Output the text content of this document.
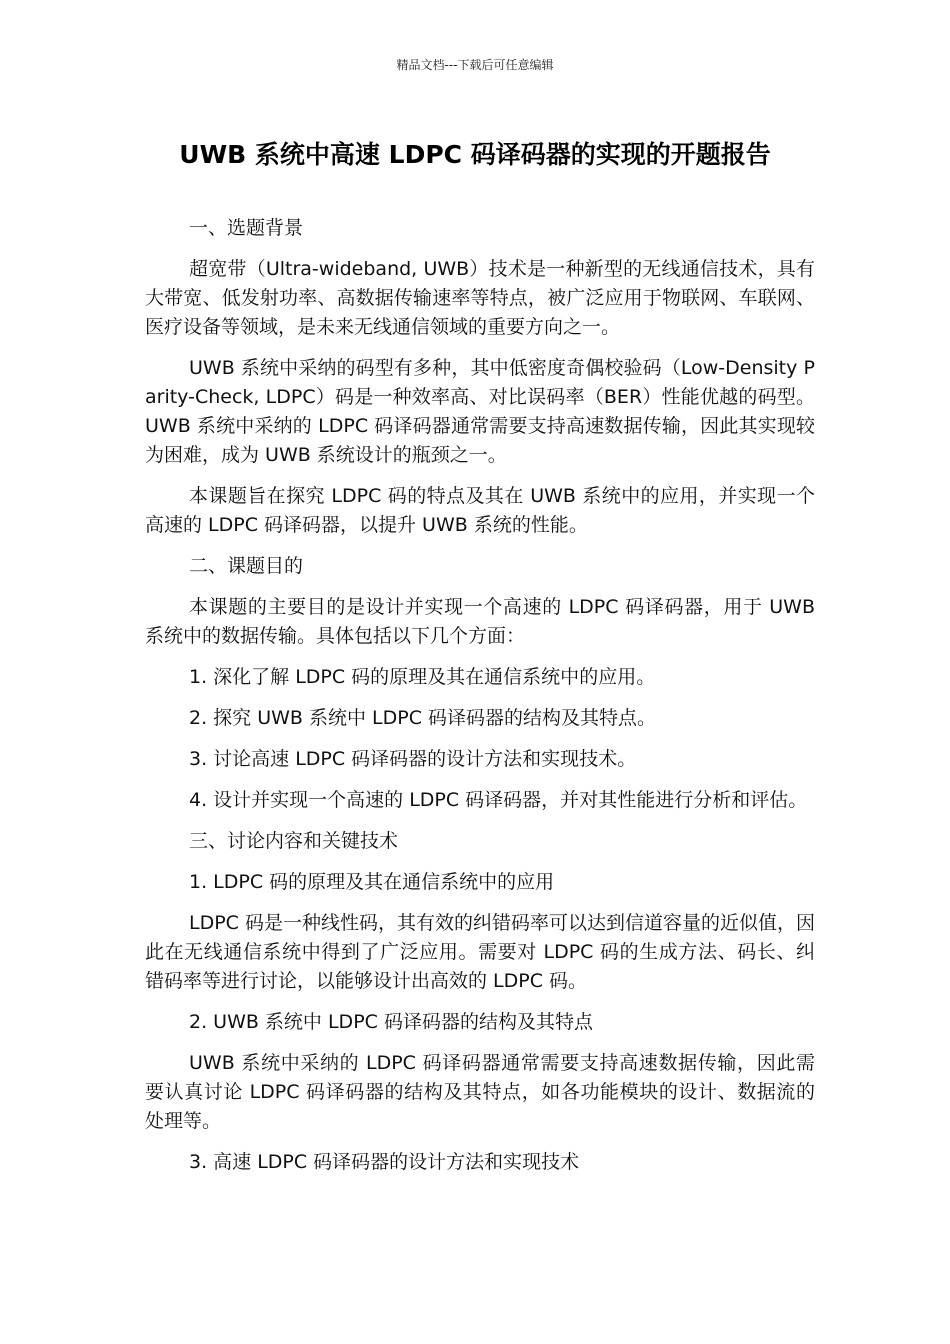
精品文档---下载后可任意编辑
UWB 系统中高速 LDPC 码译码器的实现的开题报告

一、选题背景

超宽带（Ultra-wideband, UWB）技术是一种新型的无线通信技术，具有大带宽、低发射功率、高数据传输速率等特点，被广泛应用于物联网、车联网、医疗设备等领域，是未来无线通信领域的重要方向之一。

UWB 系统中采纳的码型有多种，其中低密度奇偶校验码（Low-Density Parity-Check, LDPC）码是一种效率高、对比误码率（BER）性能优越的码型。UWB 系统中采纳的 LDPC 码译码器通常需要支持高速数据传输，因此其实现较为困难，成为 UWB 系统设计的瓶颈之一。

本课题旨在探究 LDPC 码的特点及其在 UWB 系统中的应用，并实现一个高速的 LDPC 码译码器，以提升 UWB 系统的性能。

二、课题目的

本课题的主要目的是设计并实现一个高速的 LDPC 码译码器，用于 UWB 系统中的数据传输。具体包括以下几个方面：

1. 深化了解 LDPC 码的原理及其在通信系统中的应用。

2. 探究 UWB 系统中 LDPC 码译码器的结构及其特点。

3. 讨论高速 LDPC 码译码器的设计方法和实现技术。

4. 设计并实现一个高速的 LDPC 码译码器，并对其性能进行分析和评估。

三、讨论内容和关键技术

1. LDPC 码的原理及其在通信系统中的应用

LDPC 码是一种线性码，其有效的纠错码率可以达到信道容量的近似值，因此在无线通信系统中得到了广泛应用。需要对 LDPC 码的生成方法、码长、纠错码率等进行讨论，以能够设计出高效的 LDPC 码。

2. UWB 系统中 LDPC 码译码器的结构及其特点

UWB 系统中采纳的 LDPC 码译码器通常需要支持高速数据传输，因此需要认真讨论 LDPC 码译码器的结构及其特点，如各功能模块的设计、数据流的处理等。

3. 高速 LDPC 码译码器的设计方法和实现技术
